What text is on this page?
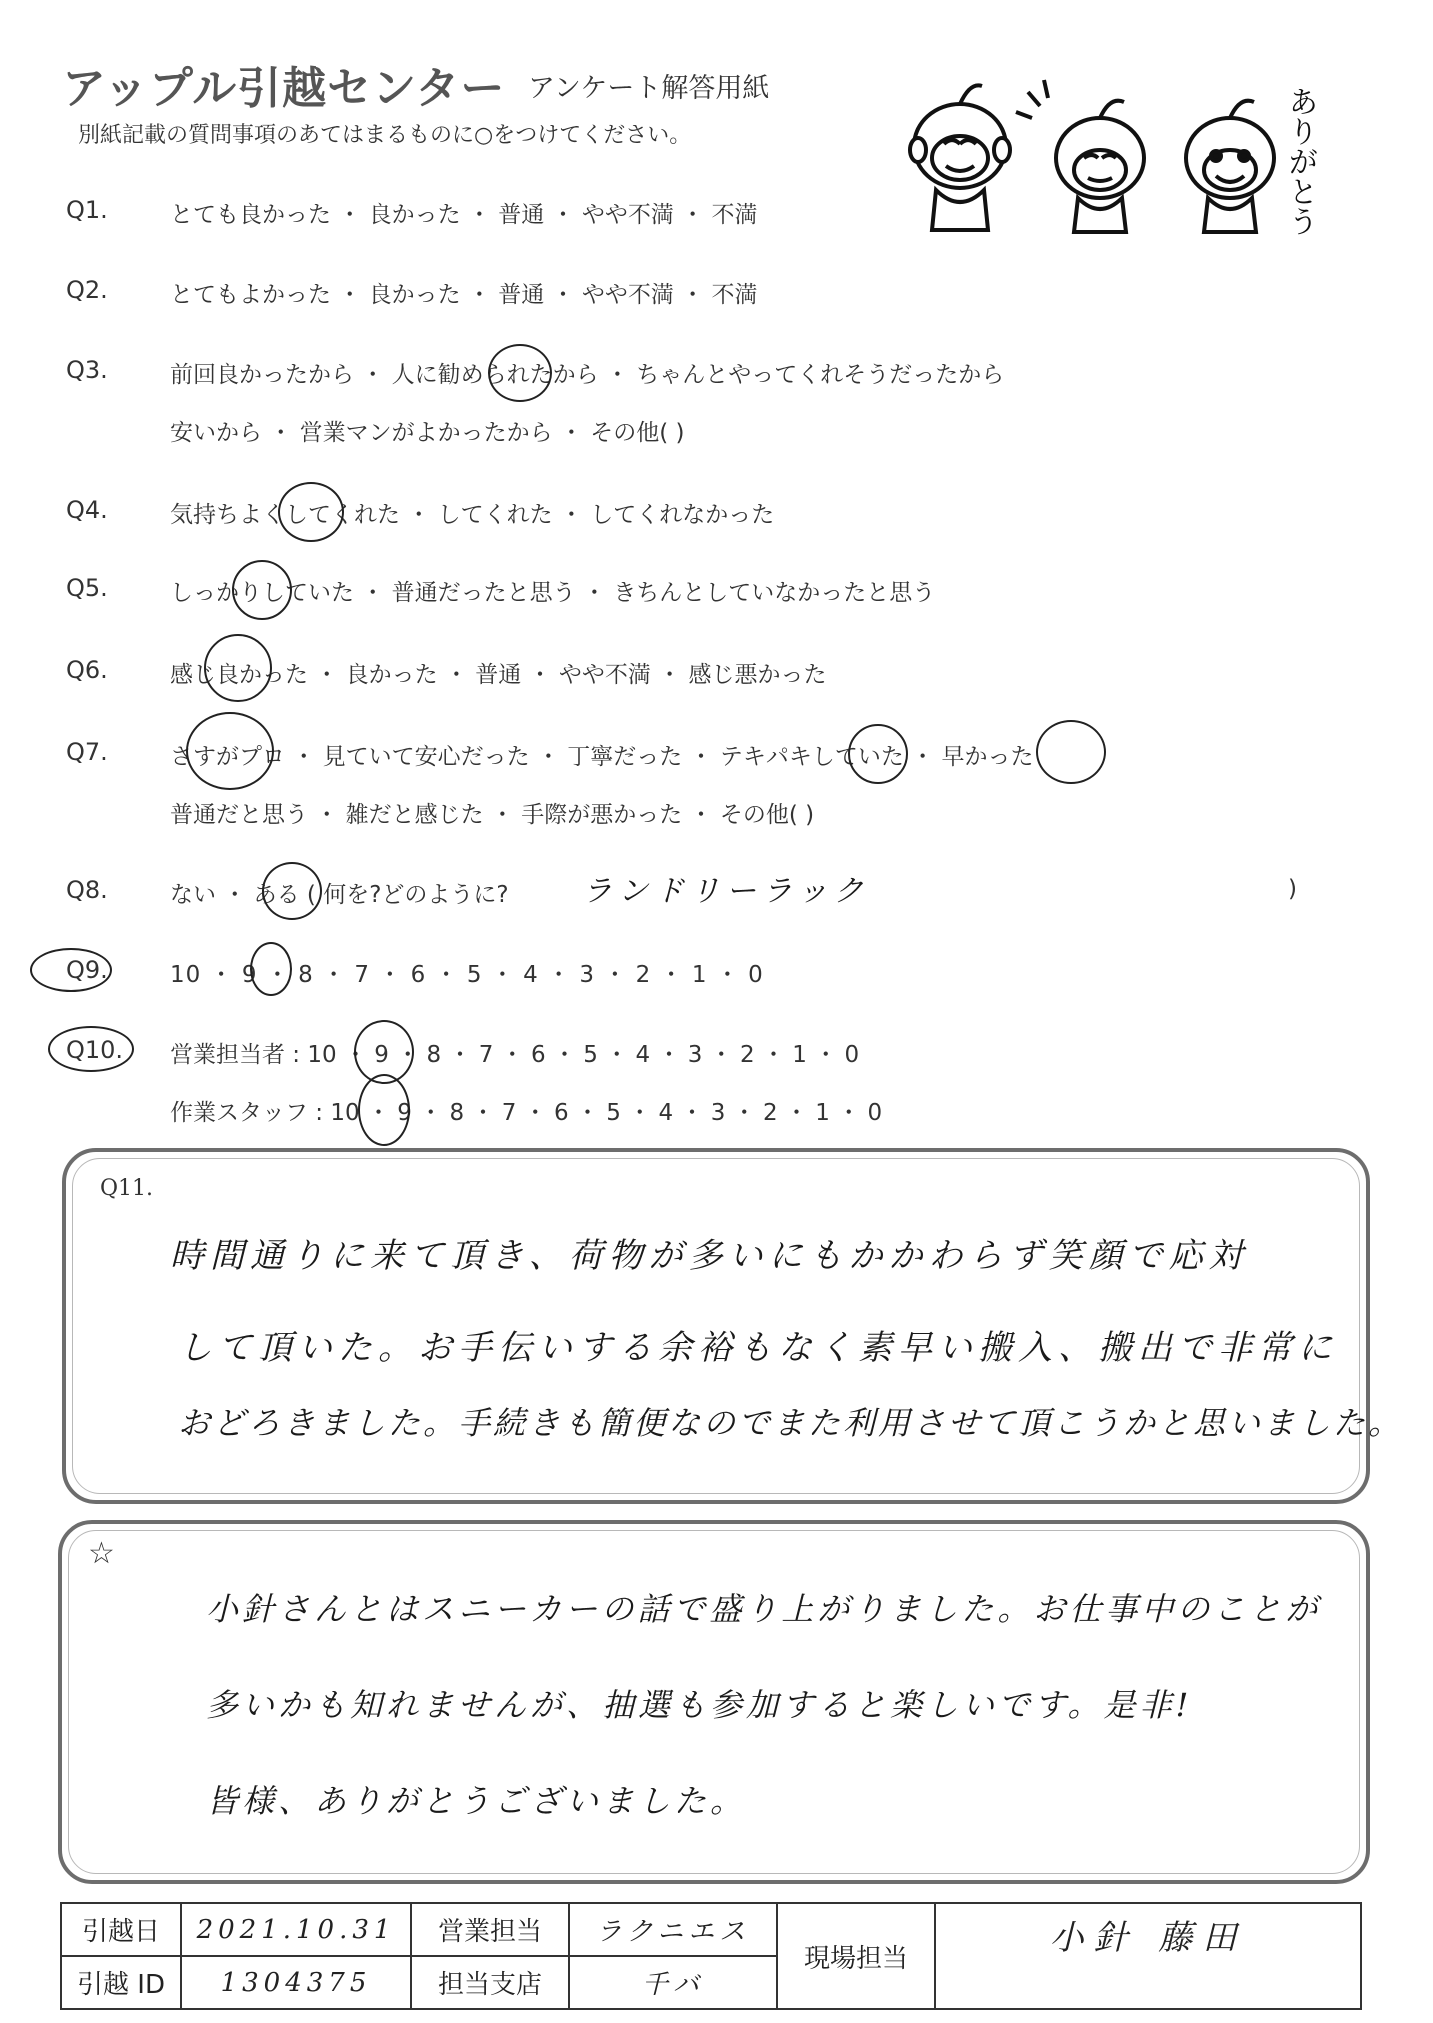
アップル引越センター アンケート解答用紙
別紙記載の質問事項のあてはまるものに○をつけてください。	ありがとう
Q1.	とても良かった ・ 良かった ・ 普通 ・ やや不満 ・ 不満
Q2.	とてもよかった ・ 良かった ・ 普通 ・ やや不満 ・ 不満
Q3.	前回良かったから ・ 人に勧められたから ・ ちゃんとやってくれそうだったから
安いから ・ 営業マンがよかったから ・ その他( )
Q4.	気持ちよくしてくれた ・ してくれた ・ してくれなかった
Q5.	しっかりしていた ・ 普通だったと思う ・ きちんとしていなかったと思う
Q6.	感じ良かった ・ 良かった ・ 普通 ・ やや不満 ・ 感じ悪かった
Q7.	さすがプロ ・ 見ていて安心だった ・ 丁寧だった ・ テキパキしていた ・ 早かった
普通だと思う ・ 雑だと感じた ・ 手際が悪かった ・ その他( )
Q8.	ない ・ ある ( 何を?どのように? ランドリーラック	)
Q9.	10 ・ 9 ・ 8 ・ 7 ・ 6 ・ 5 ・ 4 ・ 3 ・ 2 ・ 1 ・ 0
Q10. 営業担当者 : 10 ・ 9 ・ 8 ・ 7 ・ 6 ・ 5 ・ 4 ・ 3 ・ 2 ・ 1 ・ 0
作業スタッフ : 10 ・ 9 ・ 8 ・ 7 ・ 6 ・ 5 ・ 4 ・ 3 ・ 2 ・ 1 ・ 0
Q11.
時間通りに来て頂き、荷物が多いにもかかわらず笑顔で応対
して頂いた。お手伝いする余裕もなく素早い搬入、搬出で非常に
おどろきました。手続きも簡便なのでまた利用させて頂こうかと思いました。
☆
小針さんとはスニーカーの話で盛り上がりました。お仕事中のことが
多いかも知れませんが、抽選も参加すると楽しいです。是非!
皆様、ありがとうございました。
引越日	2021.10.31	営業担当	ラクニエス	現場担当	小針 藤田
引越 ID	1304375	担当支店	千バ		
